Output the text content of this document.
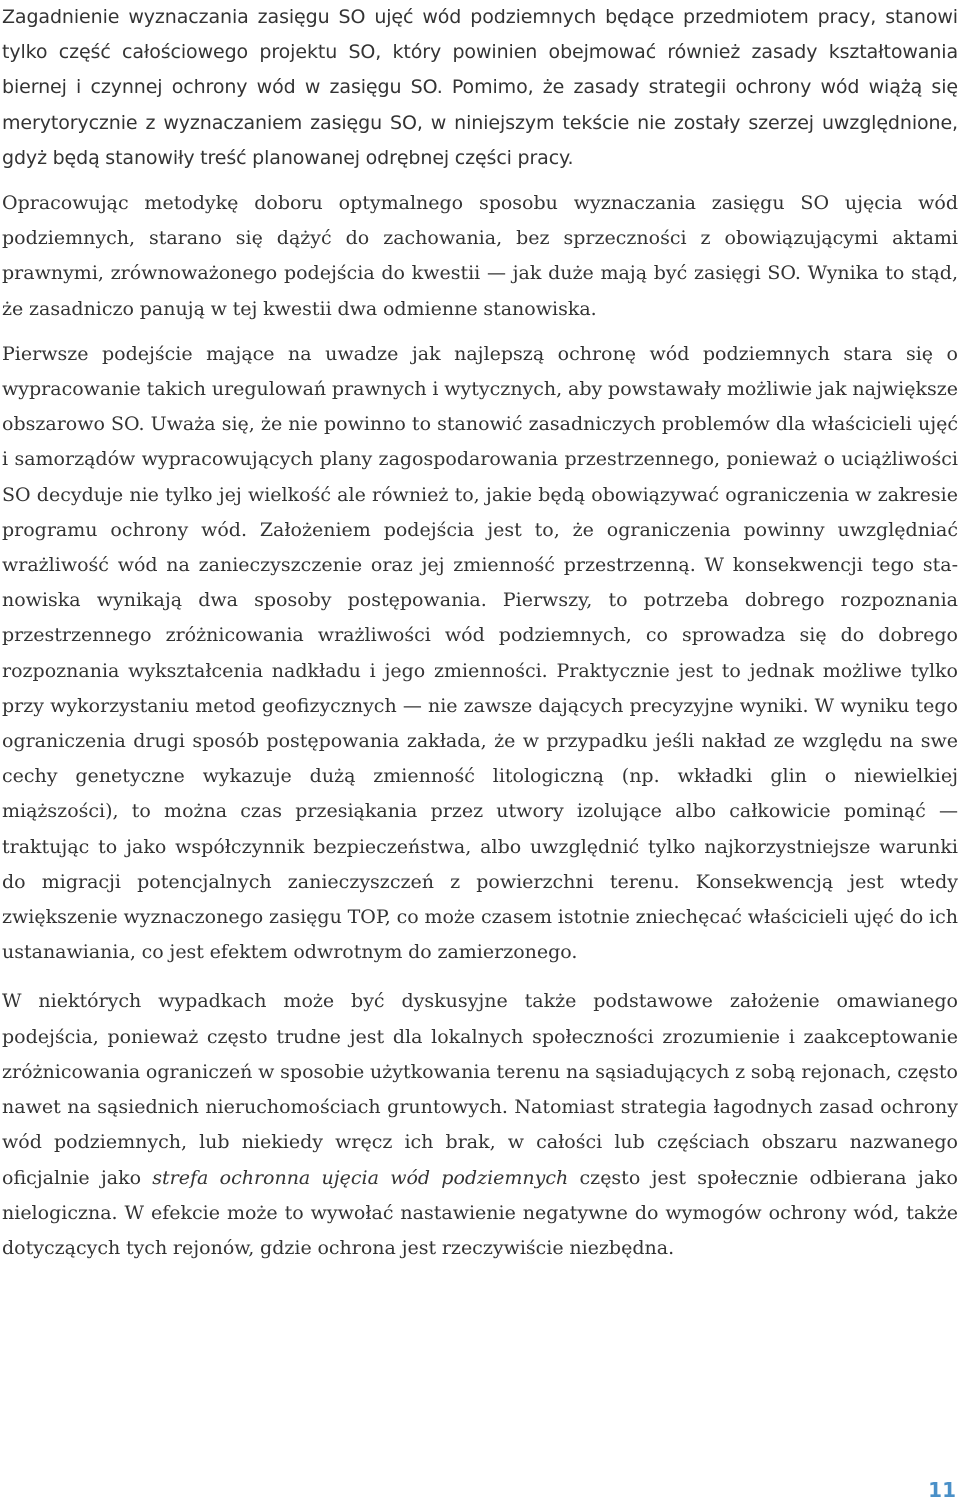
Zagadnienie wyznaczania zasięgu SO ujęć wód podziemnych będące przedmiotem pracy, stanowi tylko część całościowego projektu SO, który powinien obejmować również zasady kształtowania biernej i czynnej ochrony wód w zasięgu SO. Pomimo, że zasady strategii ochrony wód wiążą się merytorycznie z wyznaczaniem zasięgu SO, w niniejszym tekście nie zostały szerzej uwzględnione, gdyż będą stanowiły treść planowanej odrębnej części pracy.

Opracowując metodykę doboru optymalnego sposobu wyznaczania zasięgu SO ujęcia wód podziemnych, starano się dążyć do zachowania, bez sprzeczności z obowiązującymi aktami prawnymi, zrównoważonego podejścia do kwestii — jak duże mają być zasięgi SO. Wynika to stąd, że zasadniczo panują w tej kwestii dwa odmienne stanowiska.

Pierwsze podejście mające na uwadze jak najlepszą ochronę wód podziemnych stara się o wypracowanie takich uregulowań prawnych i wytycznych, aby powstawały możliwie jak największe obszarowo SO. Uważa się, że nie powinno to stanowić zasadniczych problemów dla właścicieli ujęć i samorządów wypracowujących plany zagospodarowania przestrzennego, ponieważ o uciążliwości SO decyduje nie tylko jej wielkość ale również to, jakie będą obowiązywać ograniczenia w zakresie programu ochrony wód. Założeniem podejścia jest to, że ograniczenia powinny uwzględniać wrażliwość wód na zanieczyszczenie oraz jej zmienność przestrzenną. W konsekwencji tego stanowiska wynikają dwa sposoby postępowania. Pierwszy, to potrzeba dobrego rozpoznania przestrzennego zróżnicowania wrażliwości wód podziemnych, co sprowadza się do dobrego rozpoznania wykształcenia nadkładu i jego zmienności. Praktycznie jest to jednak możliwe tylko przy wykorzystaniu metod geofizycznych — nie zawsze dających precyzyjne wyniki. W wyniku tego ograniczenia drugi sposób postępowania zakłada, że w przypadku jeśli nakład ze względu na swe cechy genetyczne wykazuje dużą zmienność litologiczną (np. wkładki glin o niewielkiej miąższości), to można czas przesiąkania przez utwory izolujące albo całkowicie pominąć — traktując to jako współczynnik bezpieczeństwa, albo uwzględnić tylko najkorzystniejsze warunki do migracji potencjalnych zanieczyszczeń z powierzchni terenu. Konsekwencją jest wtedy zwiększenie wyznaczonego zasięgu TOP, co może czasem istotnie zniechęcać właścicieli ujęć do ich ustanawiania, co jest efektem odwrotnym do zamierzonego.

W niektórych wypadkach może być dyskusyjne także podstawowe założenie omawianego podejścia, ponieważ często trudne jest dla lokalnych społeczności zrozumienie i zaakceptowanie zróżnicowania ograniczeń w sposobie użytkowania terenu na sąsiadujących z sobą rejonach, często nawet na sąsiednich nieruchomościach gruntowych. Natomiast strategia łagodnych zasad ochrony wód podziemnych, lub niekiedy wręcz ich brak, w całości lub częściach obszaru nazwanego oficjalnie jako strefa ochronna ujęcia wód podziemnych często jest społecznie odbierana jako nielogiczna. W efekcie może to wywołać nastawienie negatywne do wymogów ochrony wód, także dotyczących tych rejonów, gdzie ochrona jest rzeczywiście niezbędna.

11
